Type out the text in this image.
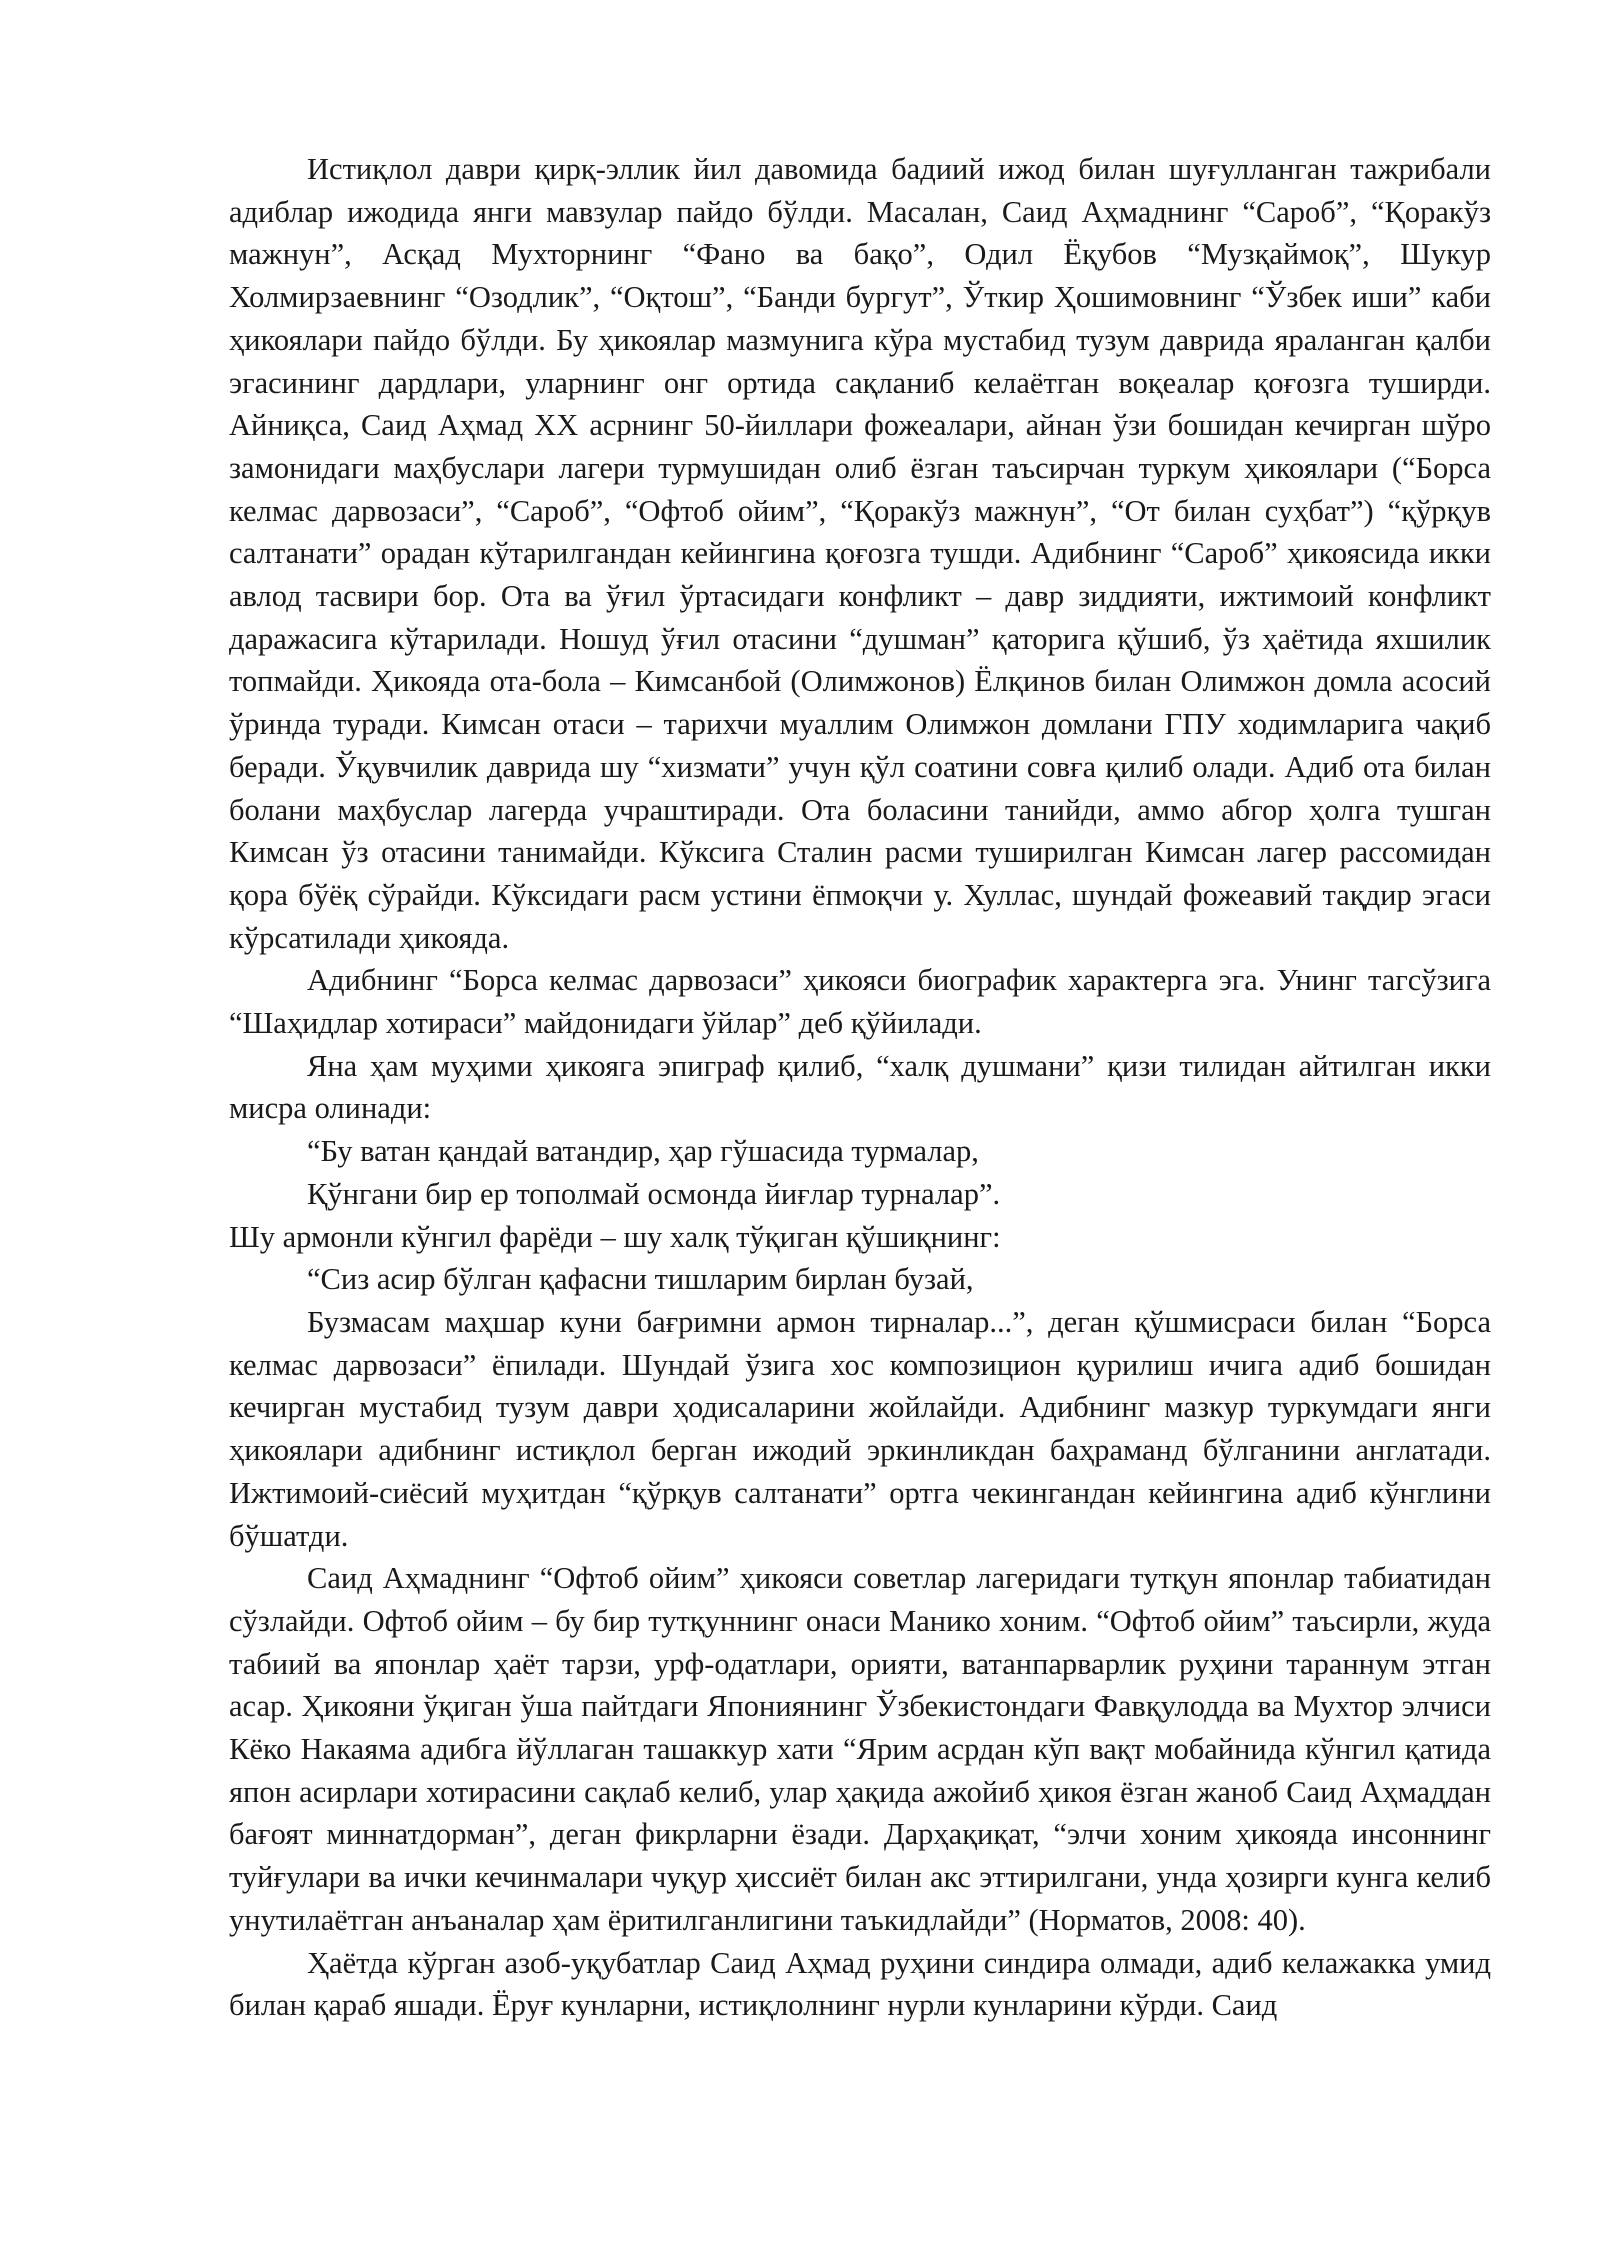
Истиқлол даври қирқ-эллик йил давомида бадиий ижод билан шуғулланган тажрибали адиблар ижодида янги мавзулар пайдо бўлди. Масалан, Саид Аҳмаднинг “Сароб”, “Қоракўз мажнун”, Асқад Мухторнинг “Фано ва бақо”, Одил Ёқубов “Музқаймоқ”, Шукур Холмирзаевнинг “Озодлик”, “Оқтош”, “Банди бургут”, Ўткир Ҳошимовнинг “Ўзбек иши” каби ҳикоялари пайдо бўлди. Бу ҳикоялар мазмунига кўра мустабид тузум даврида яраланган қалби эгасининг дардлари, уларнинг онг ортида сақланиб келаётган воқеалар қоғозга туширди. Айниқса, Саид Аҳмад XX асрнинг 50-йиллари фожеалари, айнан ўзи бошидан кечирган шўро замонидаги маҳбуслари лагери турмушидан олиб ёзган таъсирчан туркум ҳикоялари (“Борса келмас дарвозаси”, “Сароб”, “Офтоб ойим”, “Қоракўз мажнун”, “От билан суҳбат”) “қўрқув салтанати” орадан кўтарилгандан кейингина қоғозга тушди. Адибнинг “Сароб” ҳикоясида икки авлод тасвири бор. Ота ва ўғил ўртасидаги конфликт – давр зиддияти, ижтимоий конфликт даражасига кўтарилади. Ношуд ўғил отасини “душман” қаторига қўшиб, ўз ҳаётида яхшилик топмайди. Ҳикояда ота-бола – Кимсанбой (Олимжонов) Ёлқинов билан Олимжон домла асосий ўринда туради. Кимсан отаси – тарихчи муаллим Олимжон домлани ГПУ ходимларига чақиб беради. Ўқувчилик даврида шу “хизмати” учун қўл соатини совға қилиб олади. Адиб ота билан болани маҳбуслар лагерда учраштиради. Ота боласини танийди, аммо абгор ҳолга тушган Кимсан ўз отасини танимайди. Кўксига Сталин расми туширилган Кимсан лагер рассомидан қора бўёқ сўрайди. Кўксидаги расм устини ёпмоқчи у. Хуллас, шундай фожеавий тақдир эгаси кўрсатилади ҳикояда.

Адибнинг “Борса келмас дарвозаси” ҳикояси биографик характерга эга. Унинг тагсўзига “Шаҳидлар хотираси” майдонидаги ўйлар” деб қўйилади.

Яна ҳам муҳими ҳикояга эпиграф қилиб, “халқ душмани” қизи тилидан айтилган икки мисра олинади:

“Бу ватан қандай ватандир, ҳар гўшасида турмалар,

Қўнгани бир ер тополмай осмонда йиғлар турналар”.

Шу армонли кўнгил фарёди – шу халқ тўқиган қўшиқнинг:

“Сиз асир бўлган қафасни тишларим бирлан бузай,

Бузмасам маҳшар куни бағримни армон тирналар...”, деган қўшмисраси билан “Борса келмас дарвозаси” ёпилади. Шундай ўзига хос композицион қурилиш ичига адиб бошидан кечирган мустабид тузум даври ҳодисаларини жойлайди. Адибнинг мазкур туркумдаги янги ҳикоялари адибнинг истиқлол берган ижодий эркинликдан баҳраманд бўлганини англатади. Ижтимоий-сиёсий муҳитдан “қўрқув салтанати” ортга чекингандан кейингина адиб кўнглини бўшатди.

Саид Аҳмаднинг “Офтоб ойим” ҳикояси советлар лагеридаги тутқун японлар табиатидан сўзлайди. Офтоб ойим – бу бир тутқуннинг онаси Манико хоним. “Офтоб ойим” таъсирли, жуда табиий ва японлар ҳаёт тарзи, урф-одатлари, орияти, ватанпарварлик руҳини тараннум этган асар. Ҳикояни ўқиган ўша пайтдаги Япониянинг Ўзбекистондаги Фавқулодда ва Мухтор элчиси Кёко Накаяма адибга йўллаган ташаккур хати “Ярим асрдан кўп вақт мобайнида кўнгил қатида япон асирлари хотирасини сақлаб келиб, улар ҳақида ажойиб ҳикоя ёзган жаноб Саид Аҳмаддан бағоят миннатдорман”, деган фикрларни ёзади. Дарҳақиқат, “элчи хоним ҳикояда инсоннинг туйғулари ва ички кечинмалари чуқур ҳиссиёт билан акс эттирилгани, унда ҳозирги кунга келиб унутилаётган анъаналар ҳам ёритилганлигини таъкидлайди” (Норматов, 2008: 40).

Ҳаётда кўрган азоб-уқубатлар Саид Аҳмад руҳини синдира олмади, адиб келажакка умид билан қараб яшади. Ёруғ кунларни, истиқлолнинг нурли кунларини кўрди. Саид
